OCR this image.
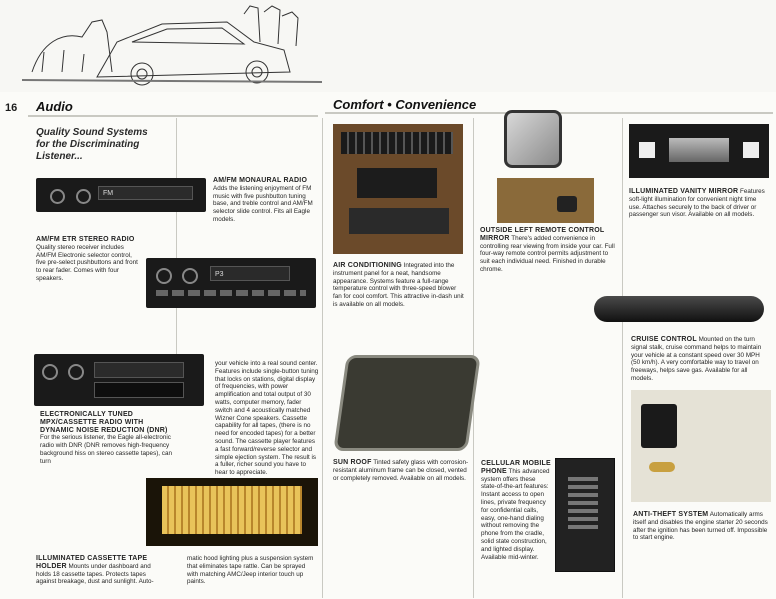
16 Audio	Comfort • Convenience
Quality Sound Systems
for the Discriminating
Listener...
FM
AM/FM MONAURAL RADIO Adds the listening enjoyment of FM music with five pushbutton tuning base, and treble control and AM/FM selector slide control. Fits all Eagle models.
AM/FM ETR STEREO RADIO Quality stereo receiver includes AM/FM Electronic selector control, five pre-select pushbuttons and front to rear fader. Comes with four speakers.
P3
ELECTRONICALLY TUNED MPX/CASSETTE RADIO WITH DYNAMIC NOISE REDUCTION (DNR) For the serious listener, the Eagle all-electronic radio with DNR (DNR removes high-frequency background hiss on stereo cassette tapes), can turn
your vehicle into a real sound center. Features include single-button tuning that locks on stations, digital display of frequencies, with power amplification and total output of 30 watts, computer memory, fader switch and 4 acoustically matched Wizner Cone speakers. Cassette capability for all tapes, (there is no need for encoded tapes) for a better sound. The cassette player features a fast forward/reverse selector and simple ejection system. The result is a fuller, richer sound you have to hear to appreciate.
ILLUMINATED CASSETTE TAPE HOLDER Mounts under dashboard and holds 18 cassette tapes. Protects tapes against breakage, dust and sunlight. Auto-
matic hood lighting plus a suspension system that eliminates tape rattle. Can be sprayed with matching AMC/Jeep interior touch up paints.
AIR CONDITIONING Integrated into the instrument panel for a neat, handsome appearance. Systems feature a full-range temperature control with three-speed blower fan for cool comfort. This attractive in-dash unit is available on all models.
OUTSIDE LEFT REMOTE CONTROL MIRROR There's added convenience in controlling rear viewing from inside your car. Full four-way remote control permits adjustment to suit each individual need. Finished in durable chrome.
ILLUMINATED VANITY MIRROR Features soft-light illumination for convenient night time use. Attaches securely to the back of driver or passenger sun visor. Available on all models.
CRUISE CONTROL Mounted on the turn signal stalk, cruise command helps to maintain your vehicle at a constant speed over 30 MPH (50 km/h). A very comfortable way to travel on freeways, helps save gas. Available for all models.
SUN ROOF Tinted safety glass with corrosion-resistant aluminum frame can be closed, vented or completely removed. Available on all models.
CELLULAR MOBILE PHONE This advanced system offers these state-of-the-art features: Instant access to open lines, private frequency for confidential calls, easy, one-hand dialing without removing the phone from the cradle, solid state construction, and lighted display. Available mid-winter.
ANTI-THEFT SYSTEM Automatically arms itself and disables the engine starter 20 seconds after the ignition has been turned off. Impossible to start engine.
